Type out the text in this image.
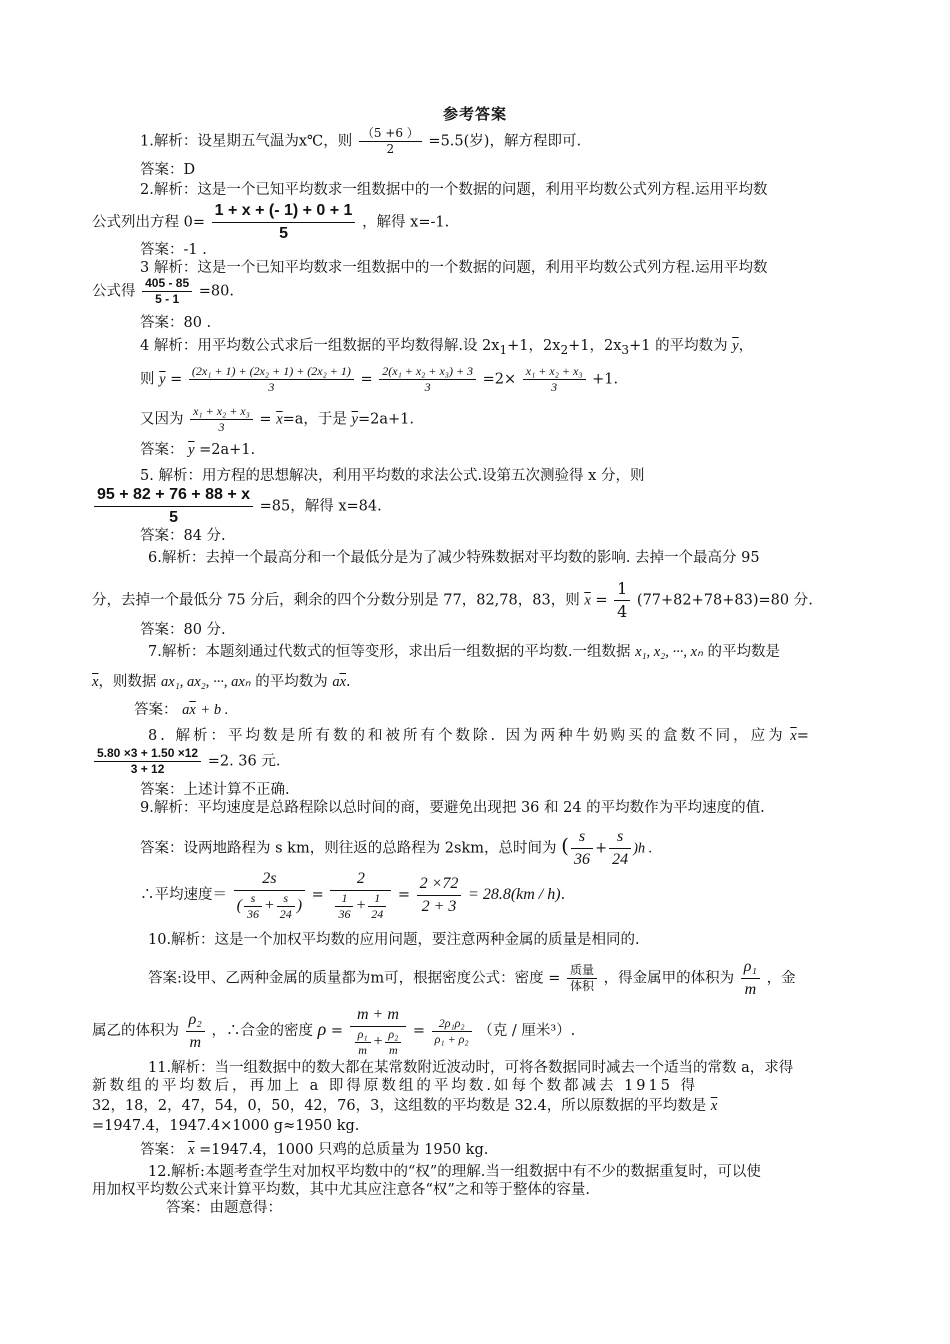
参考答案
1.解析：设星期五气温为x℃，则 $\frac{(5 +6 )}{2} =5.5$(岁)，解方程即可.
答案：D
2.解析：这是一个已知平均数求一组数据中的一个数据的问题，利用平均数公式列方程.运用平均数
公式列出方程 $0= \frac{1 + x + (- 1) + 0 + 1}{5}$ ，解得 x=-1.
答案：-1 .
3 解析：这是一个已知平均数求一组数据中的一个数据的问题，利用平均数公式列方程.运用平均数
公式得 $\frac{405 - 85}{5 - 1} =80$.
答案：80 .
4 解析：用平均数公式求后一组数据的平均数得解.设 $2x_1+1$，$2x_2+1$，$2x_3+1$ 的平均数为 $\overline{y}$，
则 $\overline{y} = \frac{\text{(2x₁ + 1) + (2x₂ + 1) + (2x₂ + 1)}}{3} = \frac{\text{2(x₁ + x₂ + x₃) + 3}}{3} =2\times \frac{\text{x₁ + x₂ + x₃}}{3} +1$.
又因为 $\frac{\text{x₁ + x₂ + x₃}}{3} = \overline{x}=a$，于是 $\overline{y}=2a+1$.
答案： $\overline{y} =2a+1$.
5. 解析：用方程的思想解决，利用平均数的求法公式.设第五次测验得 x 分，则
$\frac{95 + 82 + 76 + 88 + x}{5} =85$，解得 x=84.
答案：84 分.
6.解析：去掉一个最高分和一个最低分是为了减少特殊数据对平均数的影响. 去掉一个最高分 95
分，去掉一个最低分 75 分后，剩余的四个分数分别是 77，82,78，83，则 $\overline{x} = \frac{1}{4} (77+82+78+83)=80$ 分.
答案：80 分.
7.解析：本题刻通过代数式的恒等变形，求出后一组数据的平均数.一组数据 x₁, x₂, ···, xₙ 的平均数是
$\overline{x}$，则数据 ax₁, ax₂, ···, axₙ 的平均数为 $a\overline{x}$.
答案： $a\overline{x} + b$ .
8. 解析：平均数是所有数的和被所有个数除. 因为两种牛奶购买的盒数不同，应为 $\overline{x}=$
$\frac{5.80 \times 3 + 1.50 \times 12}{3 + 12} =2$. 36 元.
答案：上述计算不正确.
9.解析：平均速度是总路程除以总时间的商，要避免出现把 36 和 24 的平均数作为平均速度的值.
答案：设两地路程为 s km，则往返的总路程为 2skm，总时间为 ( $\frac{s}{36} + \frac{s}{24} )h$ .
∴平均速度＝ $\frac{2s}{( \frac{s}{36} + \frac{s}{24} )} = \frac{2}{\frac{1}{36} + \frac{1}{24}} = \frac{2 \times 72}{2 + 3} = 28.8(km / h)$.
10.解析：这是一个加权平均数的应用问题，要注意两种金属的质量是相同的.
答案:设甲、乙两种金属的质量都为m可，根据密度公式：密度 = $\frac{\text{质量}}{\text{体积}}$ ，得金属甲的体积为 $\frac{\text{ρ₁}}{m}$ ，金
属乙的体积为 $\frac{\text{ρ₂}}{m}$ ，∴合金的密度 $\rho = \frac{m + m}{\frac{\text{ρ₁}}{m} + \frac{\text{ρ₂}}{m}} = \frac{\text{2ρ₁ρ₂}}{\text{ρ₁ + ρ₂}}$ （克 / 厘米³）.
11.解析：当一组数据中的数大都在某常数附近波动时，可将各数据同时减去一个适当的常数 a，求得
新数组的平均数后，再加上 a 即得原数组的平均数.如每个数都减去 1915 得
32，18，2，47，54，0，50，42，76，3，这组数的平均数是 32.4，所以原数据的平均数是 $\overline{x}$
=1947.4，1947.4×1000 g≈1950 kg.
答案： $\overline{x} =1947.4$，1000 只鸡的总质量为 1950 kg.
12.解析:本题考查学生对加权平均数中的“权”的理解.当一组数据中有不少的数据重复时，可以使
用加权平均数公式来计算平均数，其中尤其应注意各“权”之和等于整体的容量.
答案：由题意得：
